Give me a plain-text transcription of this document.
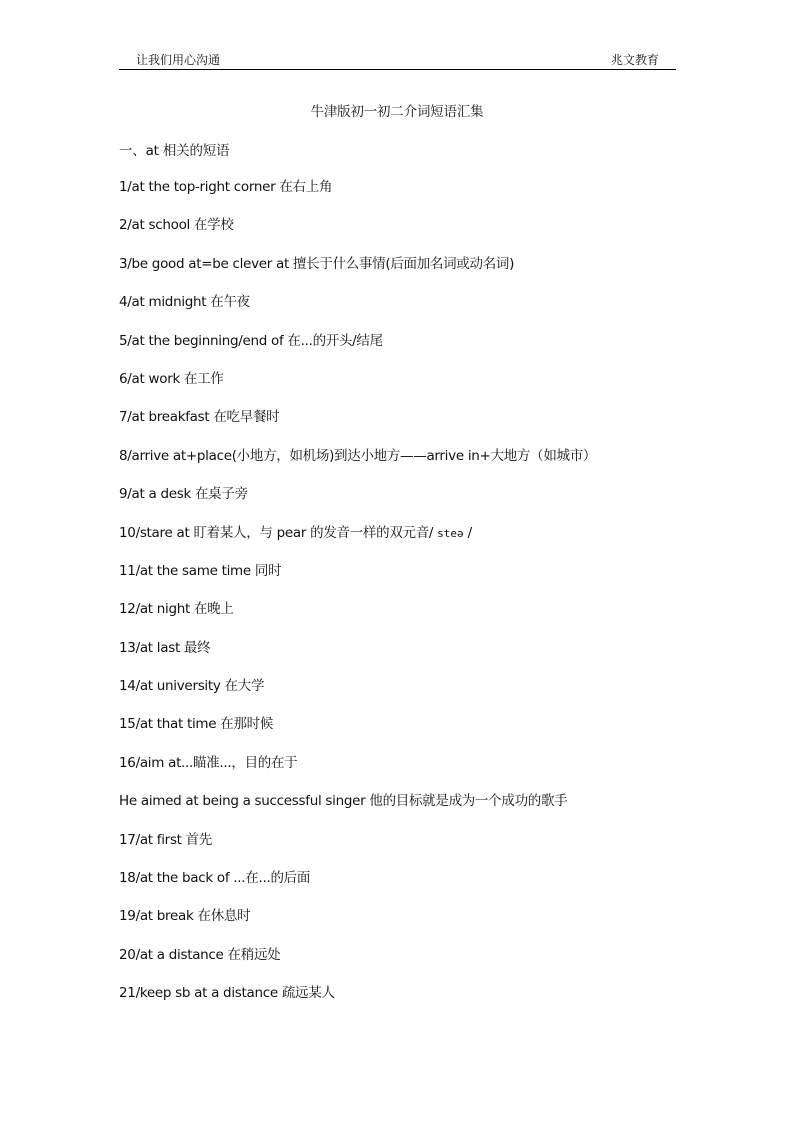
让我们用心沟通	兆文教育
牛津版初一初二介词短语汇集
一、at 相关的短语
1/at the top-right corner 在右上角
2/at school 在学校
3/be good at=be clever at 擅长于什么事情(后面加名词或动名词)
4/at midnight 在午夜
5/at the beginning/end of 在...的开头/结尾
6/at work 在工作
7/at breakfast 在吃早餐时
8/arrive at+place(小地方，如机场)到达小地方——arrive in+大地方（如城市）
9/at a desk 在桌子旁
10/stare at 盯着某人，与 pear 的发音一样的双元音/ steə /
11/at the same time 同时
12/at night 在晚上
13/at last 最终
14/at university 在大学
15/at that time 在那时候
16/aim at...瞄准...，目的在于
He aimed at being a successful singer 他的目标就是成为一个成功的歌手
17/at first 首先
18/at the back of ...在...的后面
19/at break 在休息时
20/at a distance 在稍远处
21/keep sb at a distance 疏远某人
